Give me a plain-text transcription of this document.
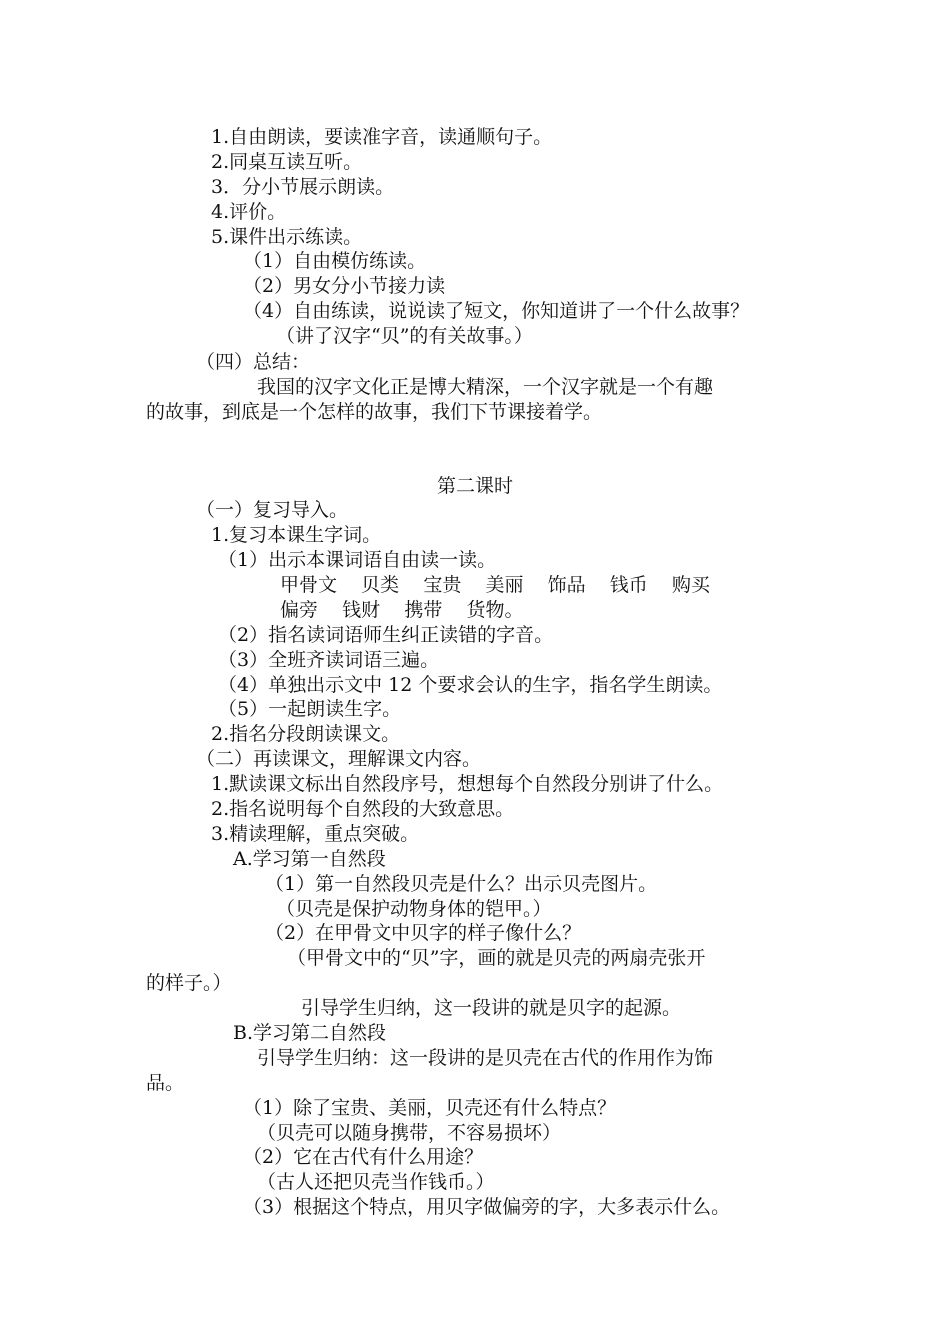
1.自由朗读，要读准字音，读通顺句子。

2.同桌互读互听。

3．分小节展示朗读。

4.评价。

5.课件出示练读。

（1）自由模仿练读。

（2）男女分小节接力读

（4）自由练读，说说读了短文，你知道讲了一个什么故事？

（讲了汉字“贝”的有关故事。）

（四）总结：

我国的汉字文化正是博大精深，一个汉字就是一个有趣

的故事，到底是一个怎样的故事，我们下节课接着学。

第二课时

（一）复习导入。

1.复习本课生字词。

（1）出示本课词语自由读一读。

甲骨文    贝类    宝贵    美丽    饰品    钱币    购买

偏旁    钱财    携带    货物。

（2）指名读词语师生纠正读错的字音。

（3）全班齐读词语三遍。

（4）单独出示文中 12 个要求会认的生字，指名学生朗读。

（5）一起朗读生字。

2.指名分段朗读课文。

（二）再读课文，理解课文内容。

1.默读课文标出自然段序号，想想每个自然段分别讲了什么。

2.指名说明每个自然段的大致意思。

3.精读理解，重点突破。

A.学习第一自然段

（1）第一自然段贝壳是什么？出示贝壳图片。

（贝壳是保护动物身体的铠甲。）

（2）在甲骨文中贝字的样子像什么？

（甲骨文中的“贝”字，画的就是贝壳的两扇壳张开

的样子。）

引导学生归纳，这一段讲的就是贝字的起源。

B.学习第二自然段

引导学生归纳：这一段讲的是贝壳在古代的作用作为饰

品。

（1）除了宝贵、美丽，贝壳还有什么特点？

（贝壳可以随身携带，不容易损坏）

（2）它在古代有什么用途？

（古人还把贝壳当作钱币。）

（3）根据这个特点，用贝字做偏旁的字，大多表示什么。
